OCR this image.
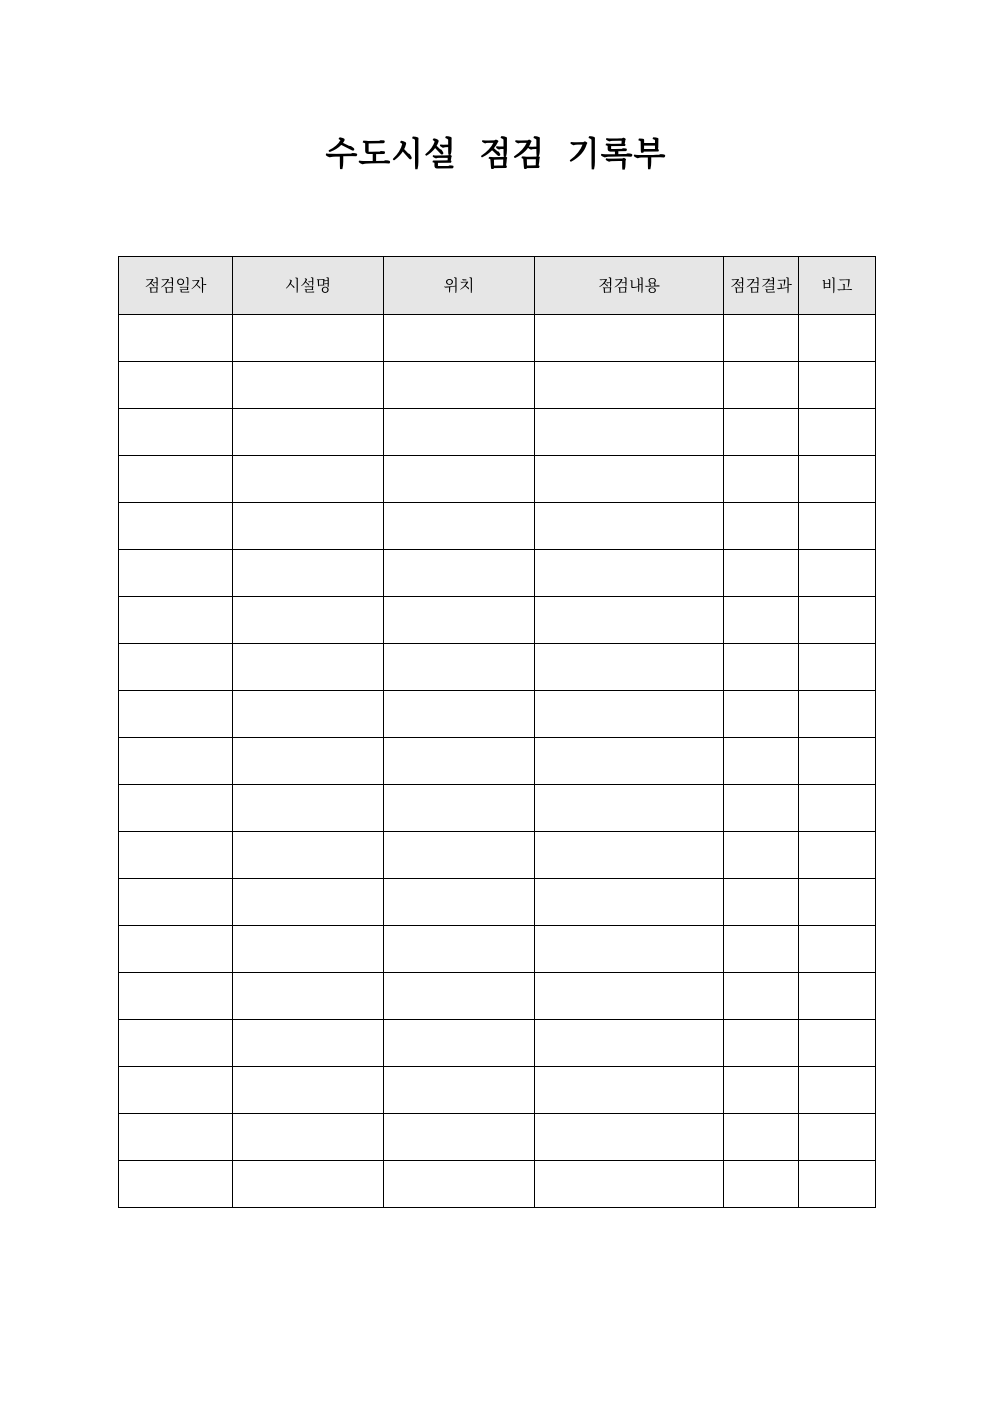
수도시설 점검 기록부
점검일자	시설명	위치	점검내용	점검결과	비고
